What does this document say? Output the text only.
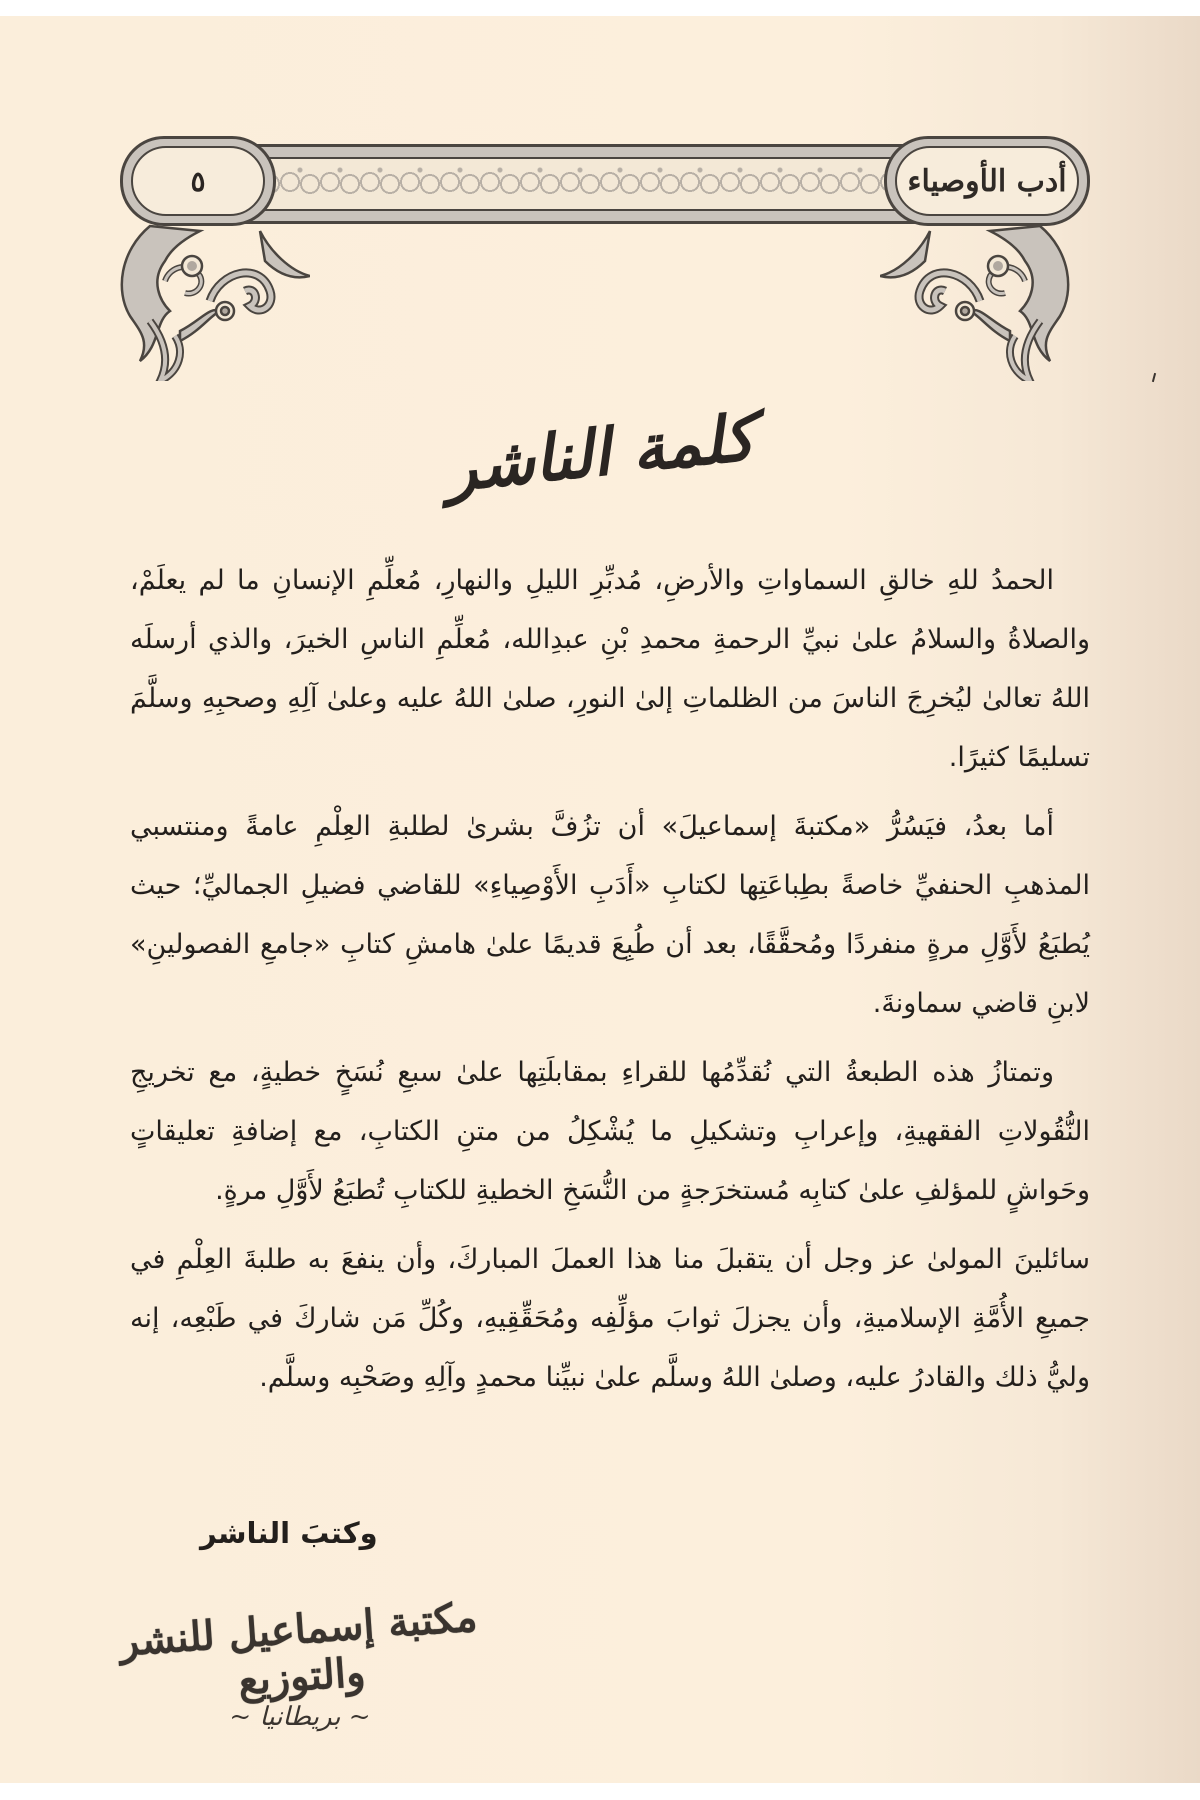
٥	أدب الأوصياء
كلمة الناشر

الحمدُ للهِ خالقِ السماواتِ والأرضِ، مُدبِّرِ الليلِ والنهارِ، مُعلِّمِ الإنسانِ ما لم يعلَمْ، والصلاةُ والسلامُ علىٰ نبيِّ الرحمةِ محمدِ بْنِ عبدِالله، مُعلِّمِ الناسِ الخيرَ، والذي أرسلَه اللهُ تعالىٰ ليُخرِجَ الناسَ من الظلماتِ إلىٰ النورِ، صلىٰ اللهُ عليه وعلىٰ آلِهِ وصحبِهِ وسلَّمَ تسليمًا كثيرًا.

أما بعدُ، فيَسُرُّ «مكتبةَ إسماعيلَ» أن تزُفَّ بشرىٰ لطلبةِ العِلْمِ عامةً ومنتسبي المذهبِ الحنفيِّ خاصةً بطِباعَتِها لكتابِ «أَدَبِ الأَوْصِياءِ» للقاضي فضيلِ الجماليِّ؛ حيث يُطبَعُ لأَوَّلِ مرةٍ منفردًا ومُحقَّقًا، بعد أن طُبِعَ قديمًا علىٰ هامشِ كتابِ «جامعِ الفصولينِ» لابنِ قاضي سماونةَ.

وتمتازُ هذه الطبعةُ التي نُقدِّمُها للقراءِ بمقابلَتِها علىٰ سبعِ نُسَخٍ خطيةٍ، مع تخريجِ النُّقُولاتِ الفقهيةِ، وإعرابِ وتشكيلِ ما يُشْكِلُ من متنِ الكتابِ، مع إضافةِ تعليقاتٍ وحَواشٍ للمؤلفِ علىٰ كتابِه مُستخرَجةٍ من النُّسَخِ الخطيةِ للكتابِ تُطبَعُ لأَوَّلِ مرةٍ.

سائلينَ المولىٰ عز وجل أن يتقبلَ منا هذا العملَ المباركَ، وأن ينفعَ به طلبةَ العِلْمِ في جميعِ الأُمَّةِ الإسلاميةِ، وأن يجزلَ ثوابَ مؤلِّفِه ومُحَقِّقِيهِ، وكُلِّ مَن شاركَ في طَبْعِه، إنه وليُّ ذلك والقادرُ عليه، وصلىٰ اللهُ وسلَّم علىٰ نبيِّنا محمدٍ وآلِهِ وصَحْبِه وسلَّم.

وكتبَ الناشر
مكتبة إسماعيل للنشر والتوزيع
~ بريطانيا ~
